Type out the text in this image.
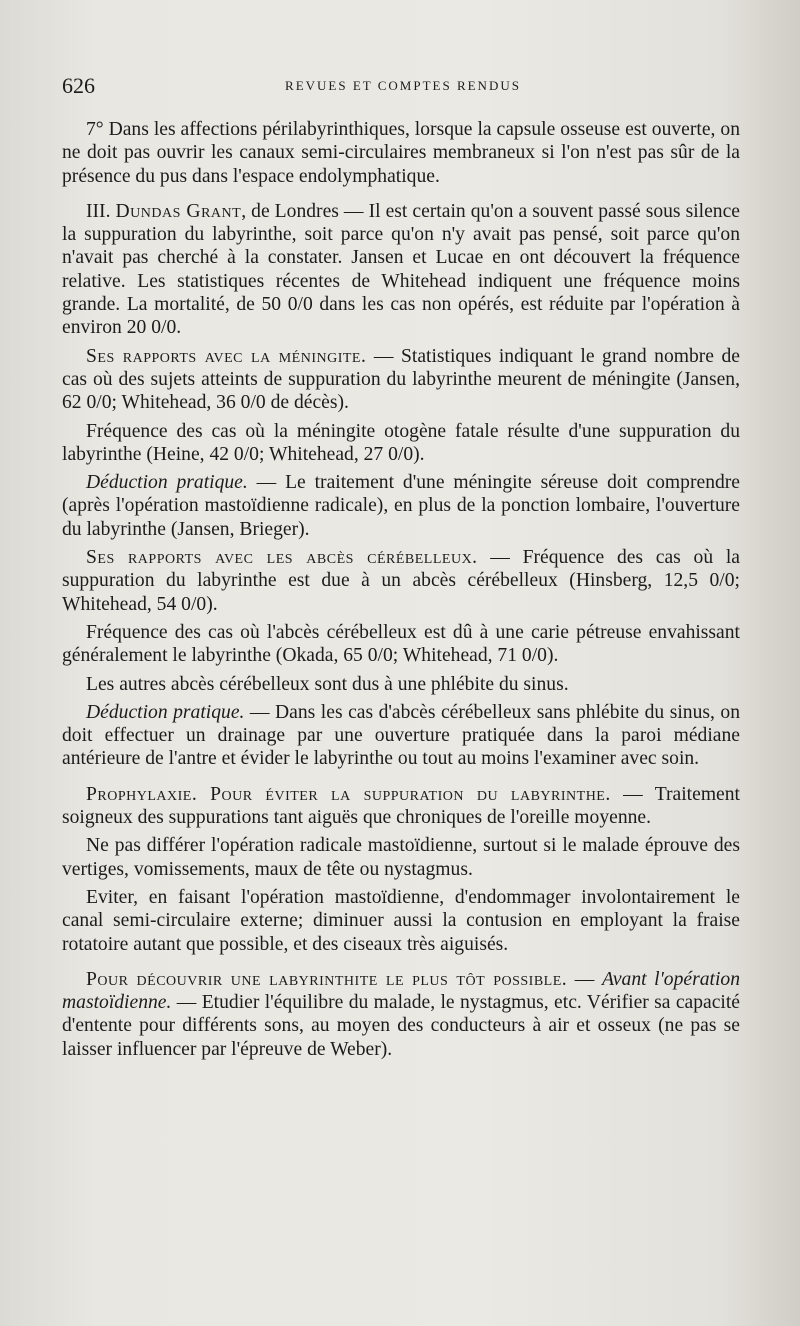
626	REVUES ET COMPTES RENDUS

7° Dans les affections périlabyrinthiques, lorsque la capsule osseuse est ouverte, on ne doit pas ouvrir les canaux semi-circulaires membraneux si l'on n'est pas sûr de la présence du pus dans l'espace endolymphatique.

III. Dundas Grant, de Londres — Il est certain qu'on a souvent passé sous silence la suppuration du labyrinthe, soit parce qu'on n'y avait pas pensé, soit parce qu'on n'avait pas cherché à la constater. Jansen et Lucae en ont découvert la fréquence relative. Les statistiques récentes de Whitehead indiquent une fréquence moins grande. La mortalité, de 50 0/0 dans les cas non opérés, est réduite par l'opération à environ 20 0/0.

Ses rapports avec la méningite. — Statistiques indiquant le grand nombre de cas où des sujets atteints de suppuration du labyrinthe meurent de méningite (Jansen, 62 0/0; Whitehead, 36 0/0 de décès).

Fréquence des cas où la méningite otogène fatale résulte d'une suppuration du labyrinthe (Heine, 42 0/0; Whitehead, 27 0/0).

Déduction pratique. — Le traitement d'une méningite séreuse doit comprendre (après l'opération mastoïdienne radicale), en plus de la ponction lombaire, l'ouverture du labyrinthe (Jansen, Brieger).

Ses rapports avec les abcès cérébelleux. — Fréquence des cas où la suppuration du labyrinthe est due à un abcès cérébelleux (Hinsberg, 12,5 0/0; Whitehead, 54 0/0).

Fréquence des cas où l'abcès cérébelleux est dû à une carie pétreuse envahissant généralement le labyrinthe (Okada, 65 0/0; Whitehead, 71 0/0).

Les autres abcès cérébelleux sont dus à une phlébite du sinus.

Déduction pratique. — Dans les cas d'abcès cérébelleux sans phlébite du sinus, on doit effectuer un drainage par une ouverture pratiquée dans la paroi médiane antérieure de l'antre et évider le labyrinthe ou tout au moins l'examiner avec soin.

Prophylaxie. Pour éviter la suppuration du labyrinthe. — Traitement soigneux des suppurations tant aiguës que chroniques de l'oreille moyenne.

Ne pas différer l'opération radicale mastoïdienne, surtout si le malade éprouve des vertiges, vomissements, maux de tête ou nystagmus.

Eviter, en faisant l'opération mastoïdienne, d'endommager involontairement le canal semi-circulaire externe; diminuer aussi la contusion en employant la fraise rotatoire autant que possible, et des ciseaux très aiguisés.

Pour découvrir une labyrinthite le plus tôt possible. — Avant l'opération mastoïdienne. — Etudier l'équilibre du malade, le nystagmus, etc. Vérifier sa capacité d'entente pour différents sons, au moyen des conducteurs à air et osseux (ne pas se laisser influencer par l'épreuve de Weber).
